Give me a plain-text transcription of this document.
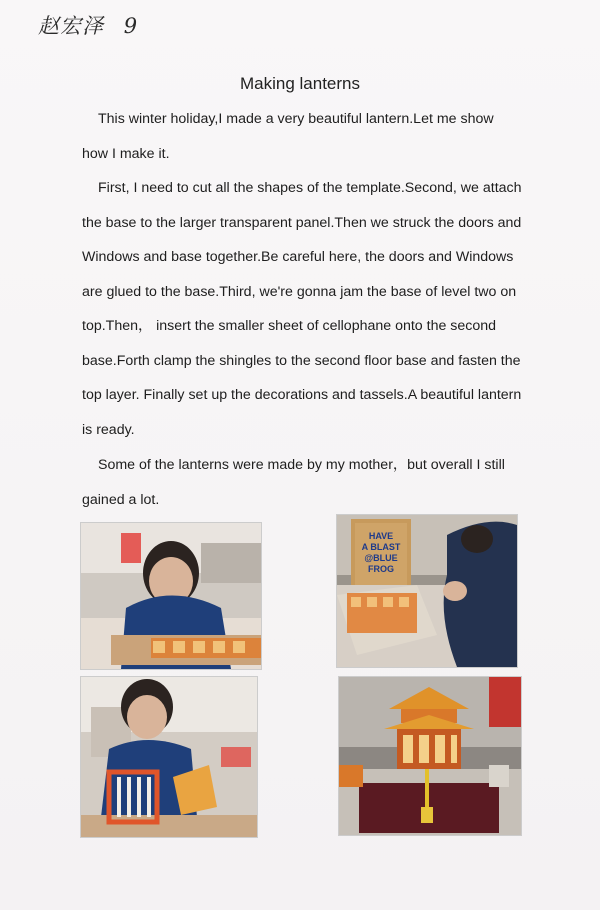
赵宏泽 9
Making lanterns

This winter holiday,I made a very beautiful lantern.Let me show how I make it.

First, I need to cut all the shapes of the template.Second, we attach the base to the larger transparent panel.Then we struck the doors and Windows and base together.Be careful here, the doors and Windows are glued to the base.Third, we're gonna jam the base of level two on top.Then， insert the smaller sheet of cellophane onto the second base.Forth clamp the shingles to the second floor base and fasten the top layer. Finally set up the decorations and tassels.A beautiful lantern is ready.

Some of the lanterns were made by my mother，but overall I still gained a lot.

HAVE
A BLAST
@BLUE
FROG
